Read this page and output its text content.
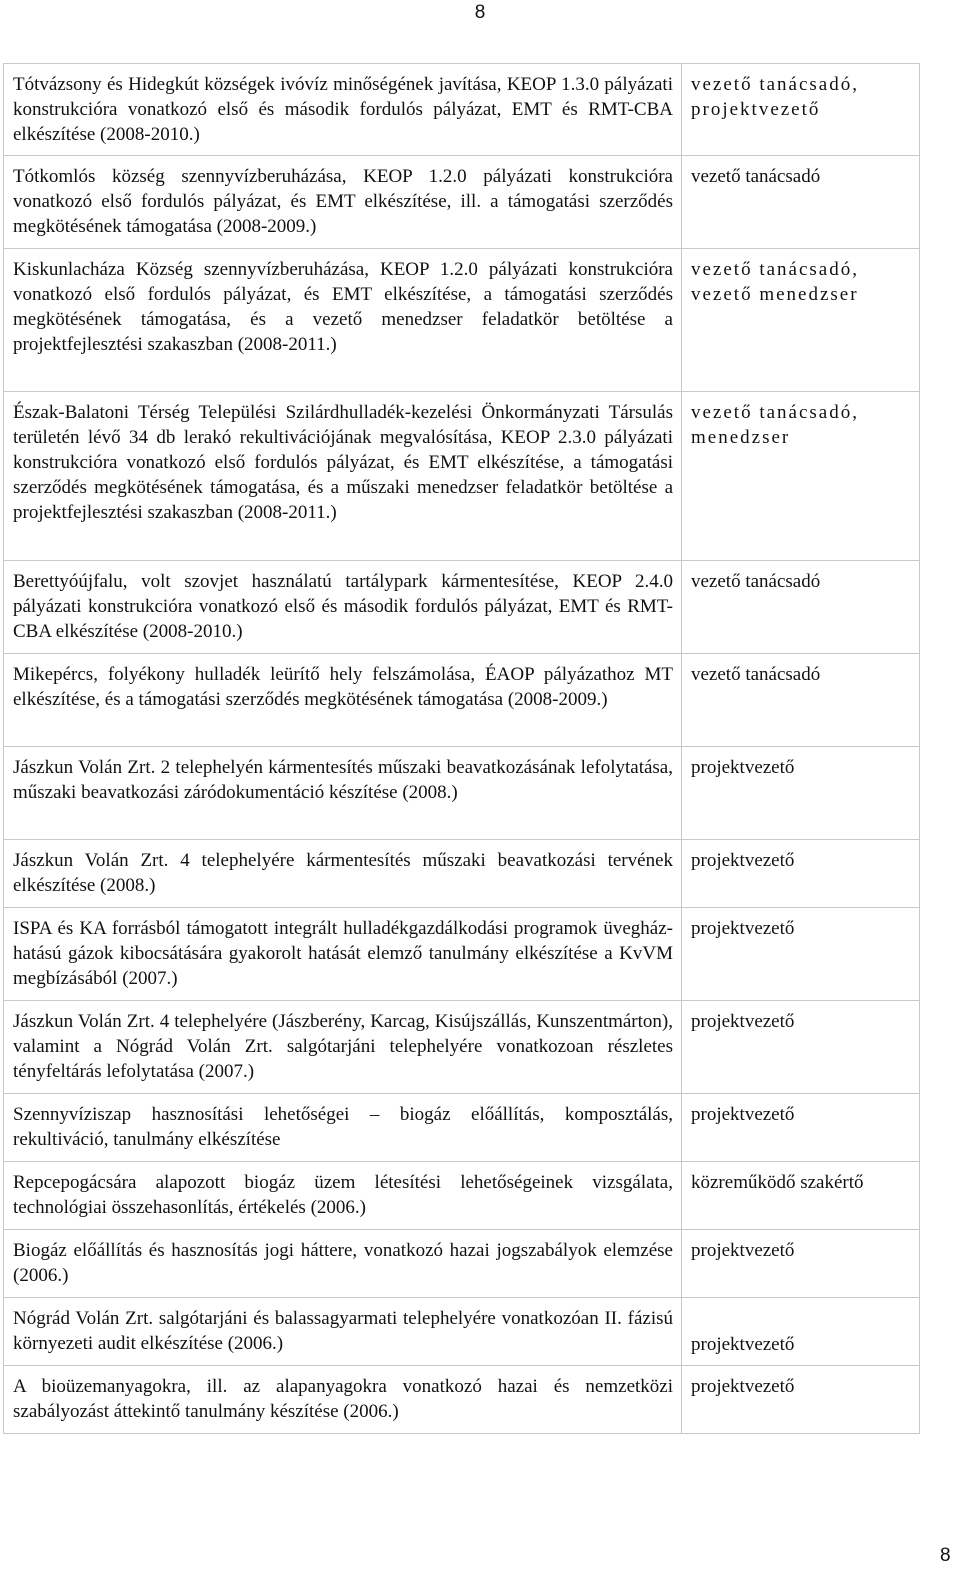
8
Tótvázsony és Hidegkút községek ivóvíz minőségének javítása, KEOP 1.3.0 pályázati konstrukcióra vonatkozó első és második fordulós pályázat, EMT és RMT-CBA elkészítése (2008-2010.)	vezető tanácsadó, projektvezető
Tótkomlós község szennyvízberuházása, KEOP 1.2.0 pályázati konstrukcióra vonatkozó első fordulós pályázat, és EMT elkészítése, ill. a támogatási szerződés megkötésének támogatása (2008-2009.)	vezető tanácsadó
Kiskunlacháza Község szennyvízberuházása, KEOP 1.2.0 pályázati konstrukcióra vonatkozó első fordulós pályázat, és EMT elkészítése, a támogatási szerződés megkötésének támogatása, és a vezető menedzser feladatkör betöltése a projektfejlesztési szakaszban (2008-2011.)	vezető tanácsadó, vezető menedzser
Észak-Balatoni Térség Települési Szilárdhulladék-kezelési Önkormányzati Társulás területén lévő 34 db lerakó rekultivációjának megvalósítása, KEOP 2.3.0 pályázati konstrukcióra vonatkozó első fordulós pályázat, és EMT elkészítése, a támogatási szerződés megkötésének támogatása, és a műszaki menedzser feladatkör betöltése a projektfejlesztési szakaszban (2008-2011.)	vezető tanácsadó, menedzser
Berettyóújfalu, volt szovjet használatú tartálypark kármentesítése, KEOP 2.4.0 pályázati konstrukcióra vonatkozó első és második fordulós pályázat, EMT és RMT-CBA elkészítése (2008-2010.)	vezető tanácsadó
Mikepércs, folyékony hulladék leürítő hely felszámolása, ÉAOP pályázathoz MT elkészítése, és a támogatási szerződés megkötésének támogatása (2008-2009.)	vezető tanácsadó
Jászkun Volán Zrt. 2 telephelyén kármentesítés műszaki beavatkozásának lefolytatása, műszaki beavatkozási záródokumentáció készítése (2008.)	projektvezető
Jászkun Volán Zrt. 4 telephelyére kármentesítés műszaki beavatkozási tervének elkészítése (2008.)	projektvezető
ISPA és KA forrásból támogatott integrált hulladékgazdálkodási programok üvegház-hatású gázok kibocsátására gyakorolt hatását elemző tanulmány elkészítése a KvVM megbízásából (2007.)	projektvezető
Jászkun Volán Zrt. 4 telephelyére (Jászberény, Karcag, Kisújszállás, Kunszentmárton), valamint a Nógrád Volán Zrt. salgótarjáni telephelyére vonatkozoan részletes tényfeltárás lefolytatása (2007.)	projektvezető
Szennyvíziszap hasznosítási lehetőségei – biogáz előállítás, komposztálás, rekultiváció, tanulmány elkészítése	projektvezető
Repcepogácsára alapozott biogáz üzem létesítési lehetőségeinek vizsgálata, technológiai összehasonlítás, értékelés (2006.)	közreműködő szakértő
Biogáz előállítás és hasznosítás jogi háttere, vonatkozó hazai jogszabályok elemzése (2006.)	projektvezető
Nógrád Volán Zrt. salgótarjáni és balassagyarmati telephelyére vonatkozóan II. fázisú környezeti audit elkészítése (2006.)	projektvezető
A bioüzemanyagokra, ill. az alapanyagokra vonatkozó hazai és nemzetközi szabályozást áttekintő tanulmány készítése (2006.)	projektvezető
8
